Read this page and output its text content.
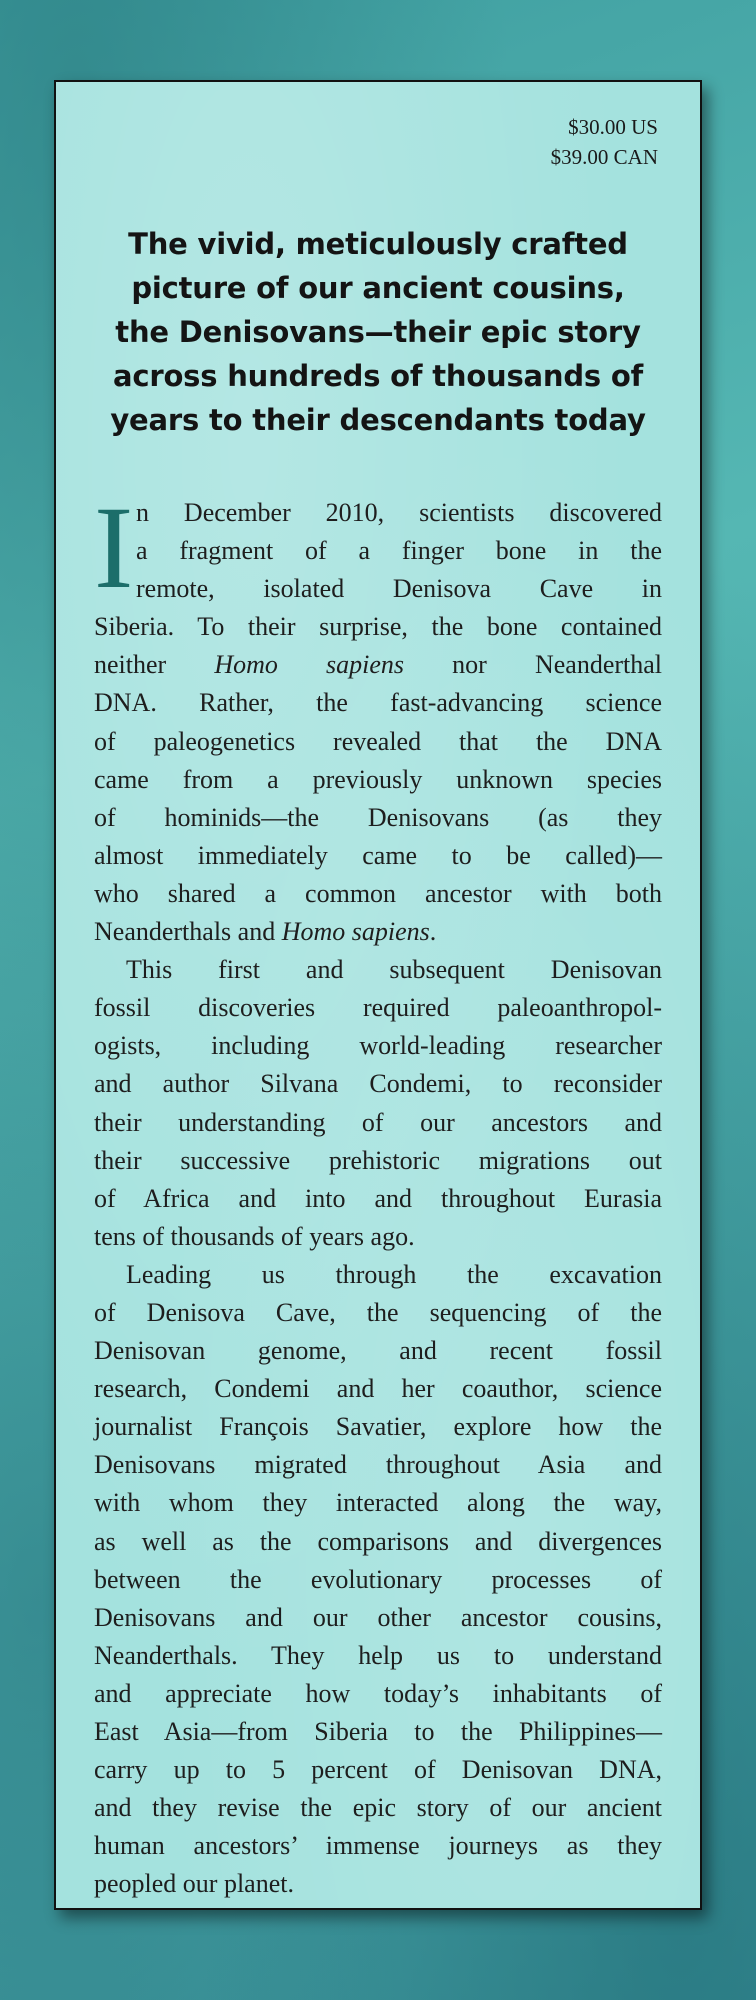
$30.00 US
$39.00 CAN
The vivid, meticulously crafted
picture of our ancient cousins,
the Denisovans—their epic story
across hundreds of thousands of
years to their descendants today
I n December 2010, scientists discovered
a fragment of a finger bone in the
remote, isolated Denisova Cave in
Siberia. To their surprise, the bone contained
neither Homo sapiens nor Neanderthal
DNA. Rather, the fast-advancing science
of paleogenetics revealed that the DNA
came from a previously unknown species
of hominids—the Denisovans (as they
almost immediately came to be called)—
who shared a common ancestor with both
Neanderthals and Homo sapiens.
This first and subsequent Denisovan
fossil discoveries required paleoanthropol-
ogists, including world-leading researcher
and author Silvana Condemi, to reconsider
their understanding of our ancestors and
their successive prehistoric migrations out
of Africa and into and throughout Eurasia
tens of thousands of years ago.
Leading us through the excavation
of Denisova Cave, the sequencing of the
Denisovan genome, and recent fossil
research, Condemi and her coauthor, science
journalist François Savatier, explore how the
Denisovans migrated throughout Asia and
with whom they interacted along the way,
as well as the comparisons and divergences
between the evolutionary processes of
Denisovans and our other ancestor cousins,
Neanderthals. They help us to understand
and appreciate how today’s inhabitants of
East Asia—from Siberia to the Philippines—
carry up to 5 percent of Denisovan DNA,
and they revise the epic story of our ancient
human ancestors’ immense journeys as they
peopled our planet.
